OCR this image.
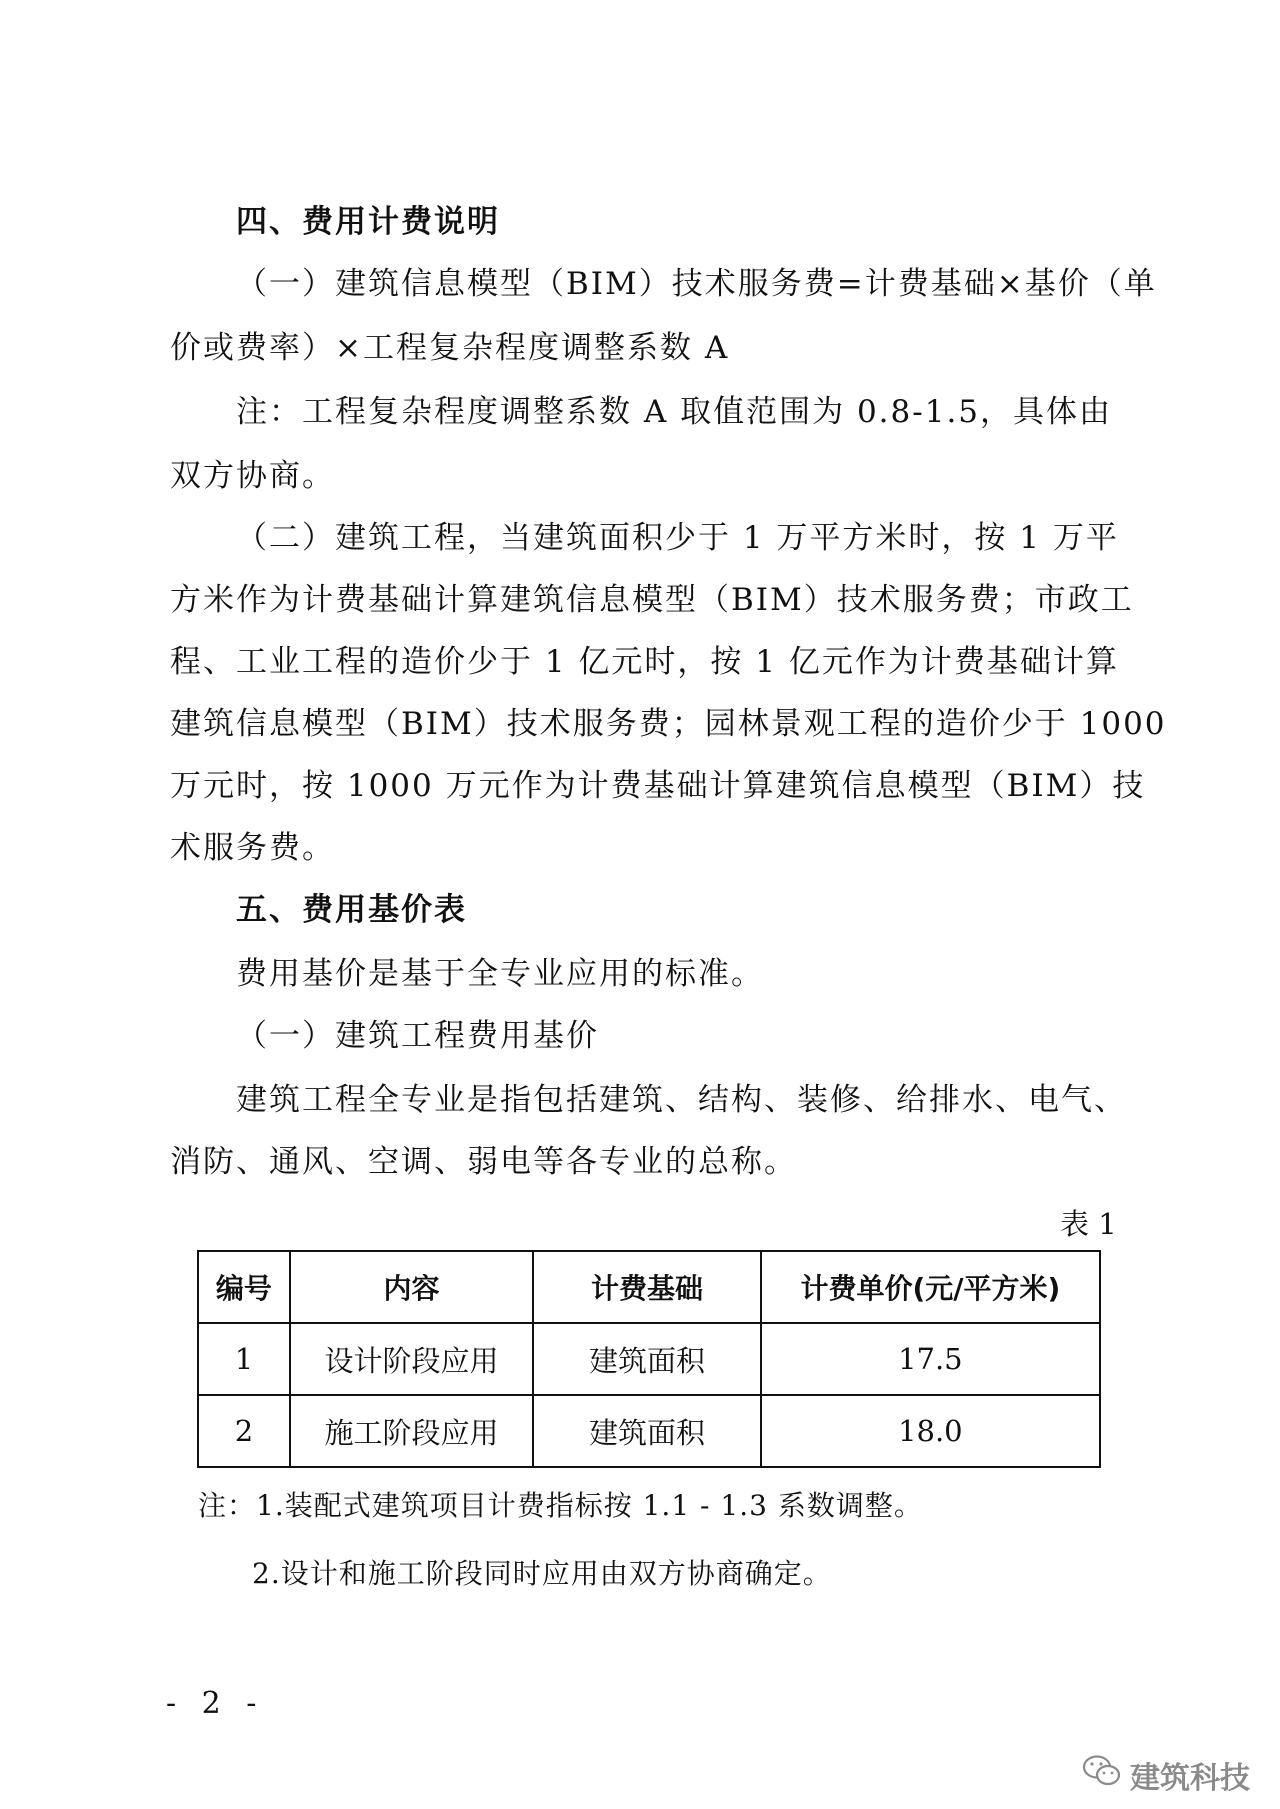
四、费用计费说明
（一）建筑信息模型（BIM）技术服务费=计费基础×基价（单
价或费率）×工程复杂程度调整系数 A
注：工程复杂程度调整系数 A 取值范围为 0.8-1.5，具体由
双方协商。
（二）建筑工程，当建筑面积少于 1 万平方米时，按 1 万平
方米作为计费基础计算建筑信息模型（BIM）技术服务费；市政工
程、工业工程的造价少于 1 亿元时，按 1 亿元作为计费基础计算
建筑信息模型（BIM）技术服务费；园林景观工程的造价少于 1000
万元时，按 1000 万元作为计费基础计算建筑信息模型（BIM）技
术服务费。
五、费用基价表
费用基价是基于全专业应用的标准。
（一）建筑工程费用基价
建筑工程全专业是指包括建筑、结构、装修、给排水、电气、
消防、通风、空调、弱电等各专业的总称。
表 1
编号	内容	计费基础	计费单价(元/平方米)
1	设计阶段应用	建筑面积	17.5
2	施工阶段应用	建筑面积	18.0
注：1.装配式建筑项目计费指标按 1.1 - 1.3 系数调整。
2.设计和施工阶段同时应用由双方协商确定。
- 2 -
建筑科技
